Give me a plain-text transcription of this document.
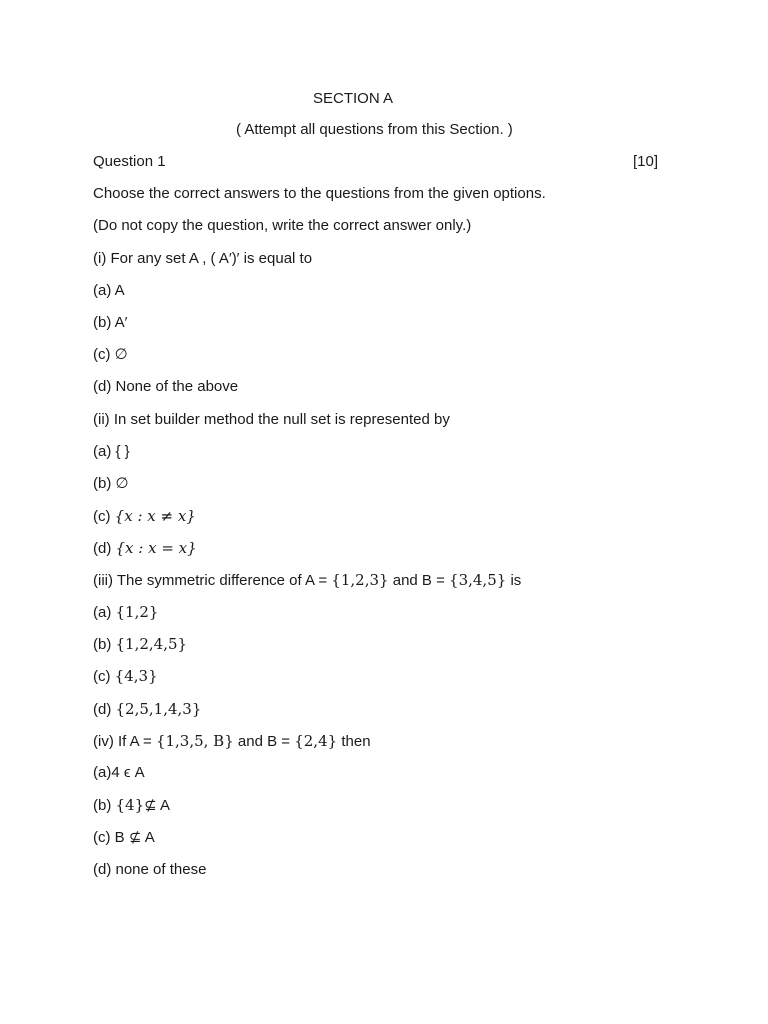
SECTION A
( Attempt all questions from this Section. )
Question 1	[10]
Choose the correct answers to the questions from the given options.
(Do not copy the question, write the correct answer only.)
(i) For any set A , ( A′)′ is equal to
(a) A
(b) A′
(c) ∅
(d) None of the above
(ii) In set builder method the null set is represented by
(a) { }
(b) ∅
(c) {x : x ≠ x}
(d) {x : x = x}
(iii) The symmetric difference of A = {1,2,3} and B = {3,4,5} is
(a) {1,2}
(b) {1,2,4,5}
(c) {4,3}
(d) {2,5,1,4,3}
(iv) If A = {1,3,5, B} and B = {2,4} then
(a)4 ϵ A
(b) {4}⊈ A
(c) B ⊈ A
(d) none of these
